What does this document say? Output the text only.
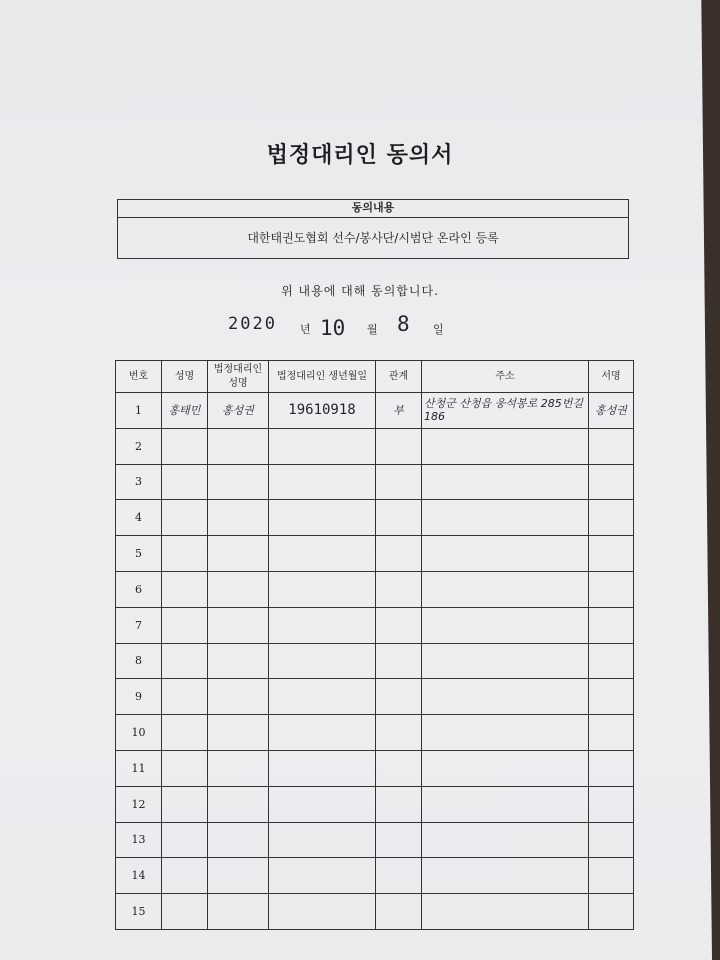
법정대리인 동의서
동의내용
대한태권도협회 선수/봉사단/시범단 온라인 등록
위 내용에 대해 동의합니다.
2020 년 10 월 8 일
번호	성명	법정대리인 성명	법정대리인 생년월일	관계	주소	서명
1	홍태민	홍성권	19610918	부	산청군 산청읍 웅석봉로 285번길 186	홍성권
2						
3						
4						
5						
6						
7						
8						
9						
10						
11						
12						
13						
14						
15						
